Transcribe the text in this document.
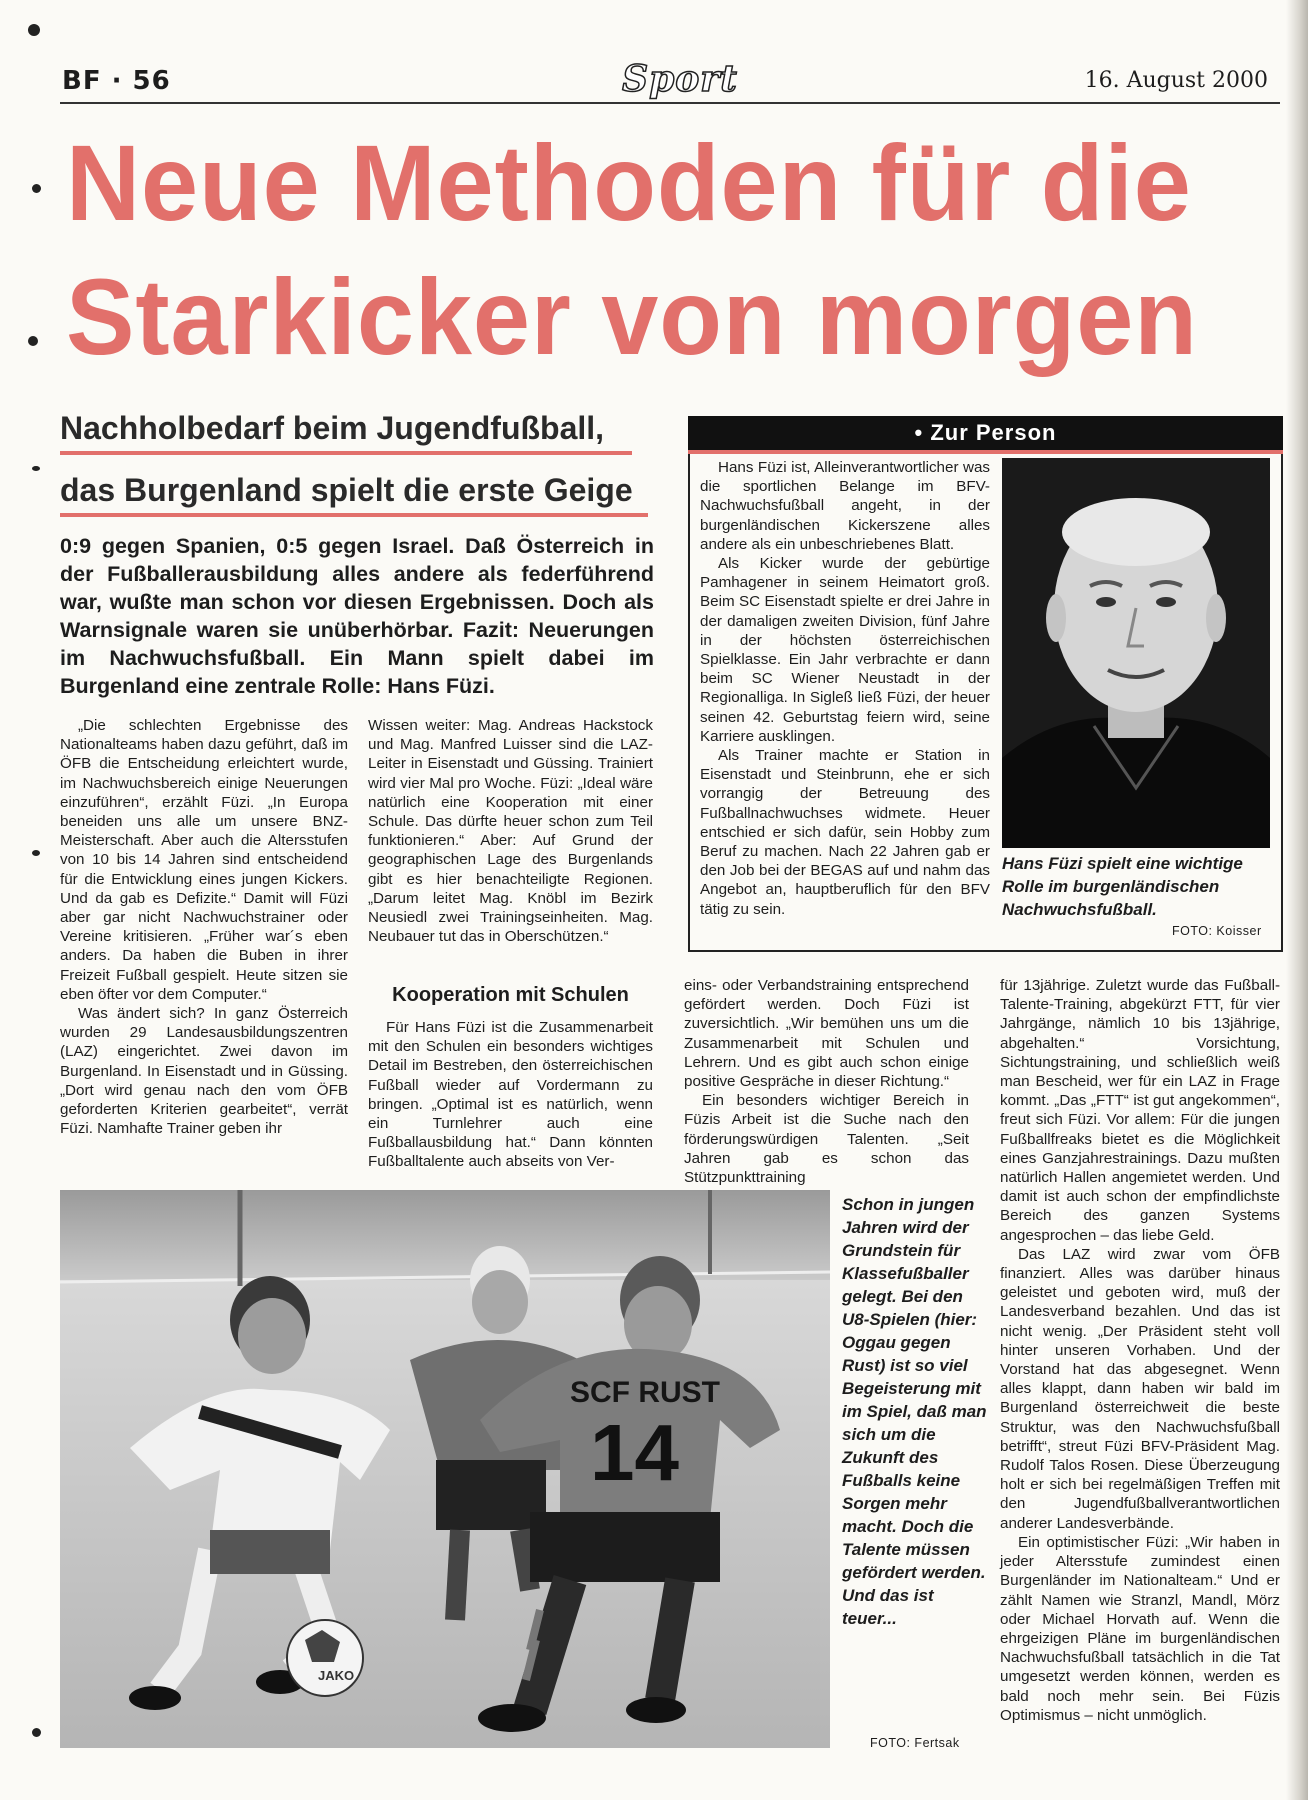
BF · 56	Sport	16. August 2000
Neue Methoden für die
Starkicker von morgen
Nachholbedarf beim Jugendfußball,
das Burgenland spielt die erste Geige
0:9 gegen Spanien, 0:5 gegen Israel. Daß Österreich in der Fußballerausbildung alles andere als federführend war, wußte man schon vor diesen Ergebnissen. Doch als Warnsignale waren sie unüberhörbar. Fazit: Neuerungen im Nachwuchsfußball. Ein Mann spielt dabei im Burgenland eine zentrale Rolle: Hans Füzi.

„Die schlechten Ergebnisse des Nationalteams haben dazu geführt, daß im ÖFB die Entscheidung erleichtert wurde, im Nachwuchsbereich einige Neuerungen einzuführen“, erzählt Füzi. „In Europa beneiden uns alle um unsere BNZ-Meisterschaft. Aber auch die Altersstufen von 10 bis 14 Jahren sind entscheidend für die Entwicklung eines jungen Kickers. Und da gab es Defizite.“ Damit will Füzi aber gar nicht Nachwuchstrainer oder Vereine kritisieren. „Früher war´s eben anders. Da haben die Buben in ihrer Freizeit Fußball gespielt. Heute sitzen sie eben öfter vor dem Computer.“

Was ändert sich? In ganz Österreich wurden 29 Landesausbildungszentren (LAZ) eingerichtet. Zwei davon im Burgenland. In Eisenstadt und in Güssing. „Dort wird genau nach den vom ÖFB geforderten Kriterien gearbeitet“, verrät Füzi. Namhafte Trainer geben ihr

Wissen weiter: Mag. Andreas Hackstock und Mag. Manfred Luisser sind die LAZ-Leiter in Eisenstadt und Güssing. Trainiert wird vier Mal pro Woche. Füzi: „Ideal wäre natürlich eine Kooperation mit einer Schule. Das dürfte heuer schon zum Teil funktionieren.“ Aber: Auf Grund der geographischen Lage des Burgenlands gibt es hier benachteiligte Regionen. „Darum leitet Mag. Knöbl im Bezirk Neusiedl zwei Trainingseinheiten. Mag. Neubauer tut das in Oberschützen.“

Kooperation mit Schulen

Für Hans Füzi ist die Zusammenarbeit mit den Schulen ein besonders wichtiges Detail im Bestreben, den österreichischen Fußball wieder auf Vordermann zu bringen. „Optimal ist es natürlich, wenn ein Turnlehrer auch eine Fußballausbildung hat.“ Dann könnten Fußballtalente auch abseits von Ver-

eins- oder Verbandstraining entsprechend gefördert werden. Doch Füzi ist zuversichtlich. „Wir bemühen uns um die Zusammenarbeit mit Schulen und Lehrern. Und es gibt auch schon einige positive Gespräche in dieser Richtung.“

Ein besonders wichtiger Bereich in Füzis Arbeit ist die Suche nach den förderungswürdigen Talenten. „Seit Jahren gab es schon das Stützpunkttraining

für 13jährige. Zuletzt wurde das Fußball-Talente-Training, abgekürzt FTT, für vier Jahrgänge, nämlich 10 bis 13jährige, abgehalten.“ Vorsichtung, Sichtungstraining, und schließlich weiß man Bescheid, wer für ein LAZ in Frage kommt. „Das „FTT“ ist gut angekommen“, freut sich Füzi. Vor allem: Für die jungen Fußballfreaks bietet es die Möglichkeit eines Ganzjahrestrainings. Dazu mußten natürlich Hallen angemietet werden. Und damit ist auch schon der empfindlichste Bereich des ganzen Systems angesprochen – das liebe Geld.

Das LAZ wird zwar vom ÖFB finanziert. Alles was darüber hinaus geleistet und geboten wird, muß der Landesverband bezahlen. Und das ist nicht wenig. „Der Präsident steht voll hinter unseren Vorhaben. Und der Vorstand hat das abgesegnet. Wenn alles klappt, dann haben wir bald im Burgenland österreichweit die beste Struktur, was den Nachwuchsfußball betrifft“, streut Füzi BFV-Präsident Mag. Rudolf Talos Rosen. Diese Überzeugung holt er sich bei regelmäßigen Treffen mit den Jugendfußballverantwortlichen anderer Landesverbände.

Ein optimistischer Füzi: „Wir haben in jeder Altersstufe zumindest einen Burgenländer im Nationalteam.“ Und er zählt Namen wie Stranzl, Mandl, Mörz oder Michael Horvath auf. Wenn die ehrgeizigen Pläne im burgenländischen Nachwuchsfußball tatsächlich in die Tat umgesetzt werden können, werden es bald noch mehr sein. Bei Füzis Optimismus – nicht unmöglich.

• Zur Person

Hans Füzi ist, Alleinverantwortlicher was die sportlichen Belange im BFV-Nachwuchsfußball angeht, in der burgenländischen Kickerszene alles andere als ein unbeschriebenes Blatt.

Als Kicker wurde der gebürtige Pamhagener in seinem Heimatort groß. Beim SC Eisenstadt spielte er drei Jahre in der damaligen zweiten Division, fünf Jahre in der höchsten österreichischen Spielklasse. Ein Jahr verbrachte er dann beim SC Wiener Neustadt in der Regionalliga. In Sigleß ließ Füzi, der heuer seinen 42. Geburtstag feiern wird, seine Karriere ausklingen.

Als Trainer machte er Station in Eisenstadt und Steinbrunn, ehe er sich vorrangig der Betreuung des Fußballnachwuchses widmete. Heuer entschied er sich dafür, sein Hobby zum Beruf zu machen. Nach 22 Jahren gab er den Job bei der BEGAS auf und nahm das Angebot an, hauptberuflich für den BFV tätig zu sein.

Hans Füzi spielt eine wichtige Rolle im burgenländischen Nachwuchsfußball.
FOTO: Koisser
JAKO
SCF RUST
14
Schon in jungen Jahren wird der Grundstein für Klassefußballer gelegt. Bei den U8-Spielen (hier: Oggau gegen Rust) ist so viel Begeisterung mit im Spiel, daß man sich um die Zukunft des Fußballs keine Sorgen mehr macht. Doch die Talente müssen gefördert werden. Und das ist teuer...
FOTO: Fertsak
